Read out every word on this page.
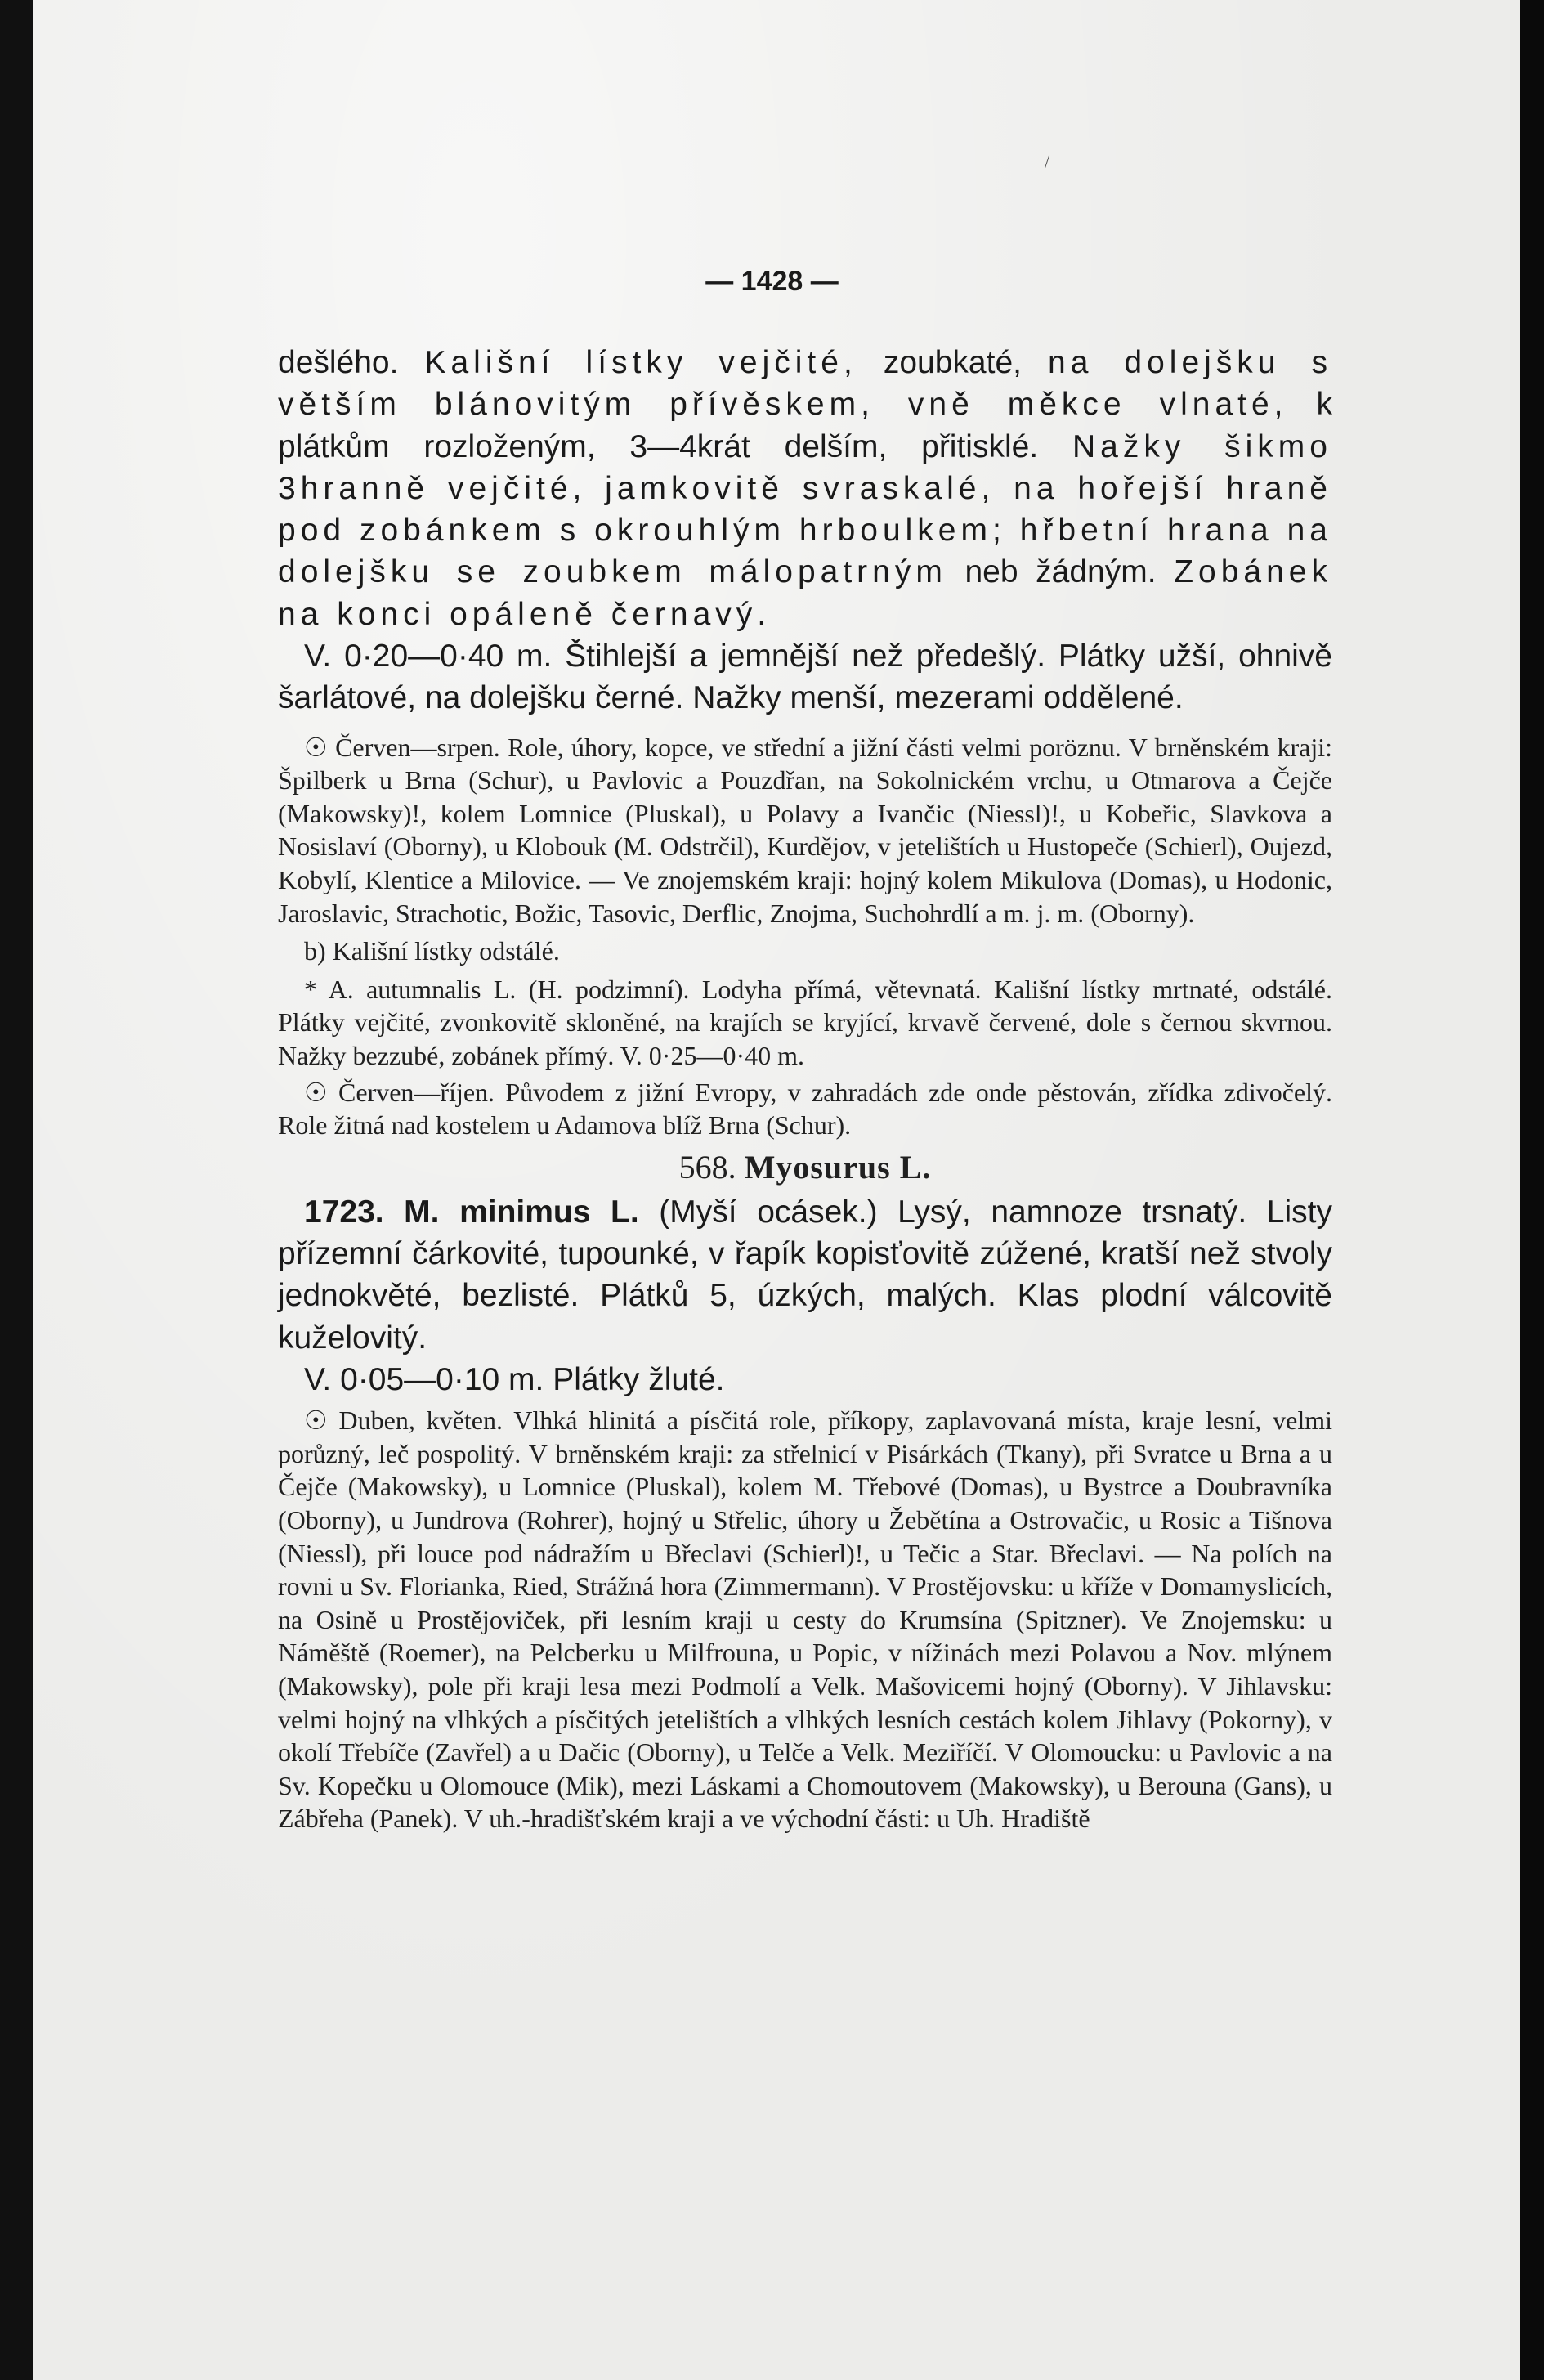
/
— 1428 —

dešlého. Kališní lístky vejčité, zoubkaté, na dolejšku s větším blánovitým přívěskem, vně měkce vlnaté, k plátkům rozloženým, 3—4krát delším, přitisklé. Nažky šikmo 3hranně vejčité, jamkovitě svraskalé, na hořejší hraně pod zobánkem s okrouhlým hrboulkem; hřbetní hrana na dolejšku se zoubkem málopatrným neb žádným. Zobánek na konci opáleně černavý.

V. 0·20—0·40 m. Štihlejší a jemnější než předešlý. Plátky užší, ohnivě šarlátové, na dolejšku černé. Nažky menší, mezerami oddělené.

☉ Červen—srpen. Role, úhory, kopce, ve střední a jižní části velmi poröznu. V brněnském kraji: Špilberk u Brna (Schur), u Pavlovic a Pouzdřan, na Sokolnickém vrchu, u Otmarova a Čejče (Makowsky)!, kolem Lomnice (Pluskal), u Polavy a Ivančic (Niessl)!, u Kobeřic, Slavkova a Nosislaví (Oborny), u Klobouk (M. Odstrčil), Kurdějov, v jetelištích u Hustopeče (Schierl), Oujezd, Kobylí, Klentice a Milovice. — Ve znojemském kraji: hojný kolem Mikulova (Domas), u Hodonic, Jaroslavic, Strachotic, Božic, Tasovic, Derflic, Znojma, Suchohrdlí a m. j. m. (Oborny).

b) Kališní lístky odstálé.

* A. autumnalis L. (H. podzimní). Lodyha přímá, větevnatá. Kališní lístky mrtnaté, odstálé. Plátky vejčité, zvonkovitě skloněné, na krajích se kryjící, krvavě červené, dole s černou skvrnou. Nažky bezzubé, zobánek přímý. V. 0·25—0·40 m.

☉ Červen—říjen. Původem z jižní Evropy, v zahradách zde onde pěstován, zřídka zdivočelý. Role žitná nad kostelem u Adamova blíž Brna (Schur).

568. Myosurus L.

1723. M. minimus L. (Myší ocásek.) Lysý, namnoze trsnatý. Listy přízemní čárkovité, tupounké, v řapík kopisťovitě zúžené, kratší než stvoly jednokvěté, bezlisté. Plátků 5, úzkých, malých. Klas plodní válcovitě kuželovitý.

V. 0·05—0·10 m. Plátky žluté.

☉ Duben, květen. Vlhká hlinitá a písčitá role, příkopy, zaplavovaná místa, kraje lesní, velmi porůzný, leč pospolitý. V brněnském kraji: za střelnicí v Pisárkách (Tkany), při Svratce u Brna a u Čejče (Makowsky), u Lomnice (Pluskal), kolem M. Třebové (Domas), u Bystrce a Doubravníka (Oborny), u Jundrova (Rohrer), hojný u Střelic, úhory u Žebětína a Ostrovačic, u Rosic a Tišnova (Niessl), při louce pod nádražím u Břeclavi (Schierl)!, u Tečic a Star. Břeclavi. — Na polích na rovni u Sv. Florianka, Ried, Strážná hora (Zimmermann). V Prostějovsku: u kříže v Domamyslicích, na Osině u Prostějoviček, při lesním kraji u cesty do Krumsína (Spitzner). Ve Znojemsku: u Náměště (Roemer), na Pelcberku u Milfrouna, u Popic, v nížinách mezi Polavou a Nov. mlýnem (Makowsky), pole při kraji lesa mezi Podmolí a Velk. Mašovicemi hojný (Oborny). V Jihlavsku: velmi hojný na vlhkých a písčitých jetelištích a vlhkých lesních cestách kolem Jihlavy (Pokorny), v okolí Třebíče (Zavřel) a u Dačic (Oborny), u Telče a Velk. Meziříčí. V Olomoucku: u Pavlovic a na Sv. Kopečku u Olomouce (Mik), mezi Láskami a Chomoutovem (Makowsky), u Berouna (Gans), u Zábřeha (Panek). V uh.-hradišťském kraji a ve východní části: u Uh. Hradiště
